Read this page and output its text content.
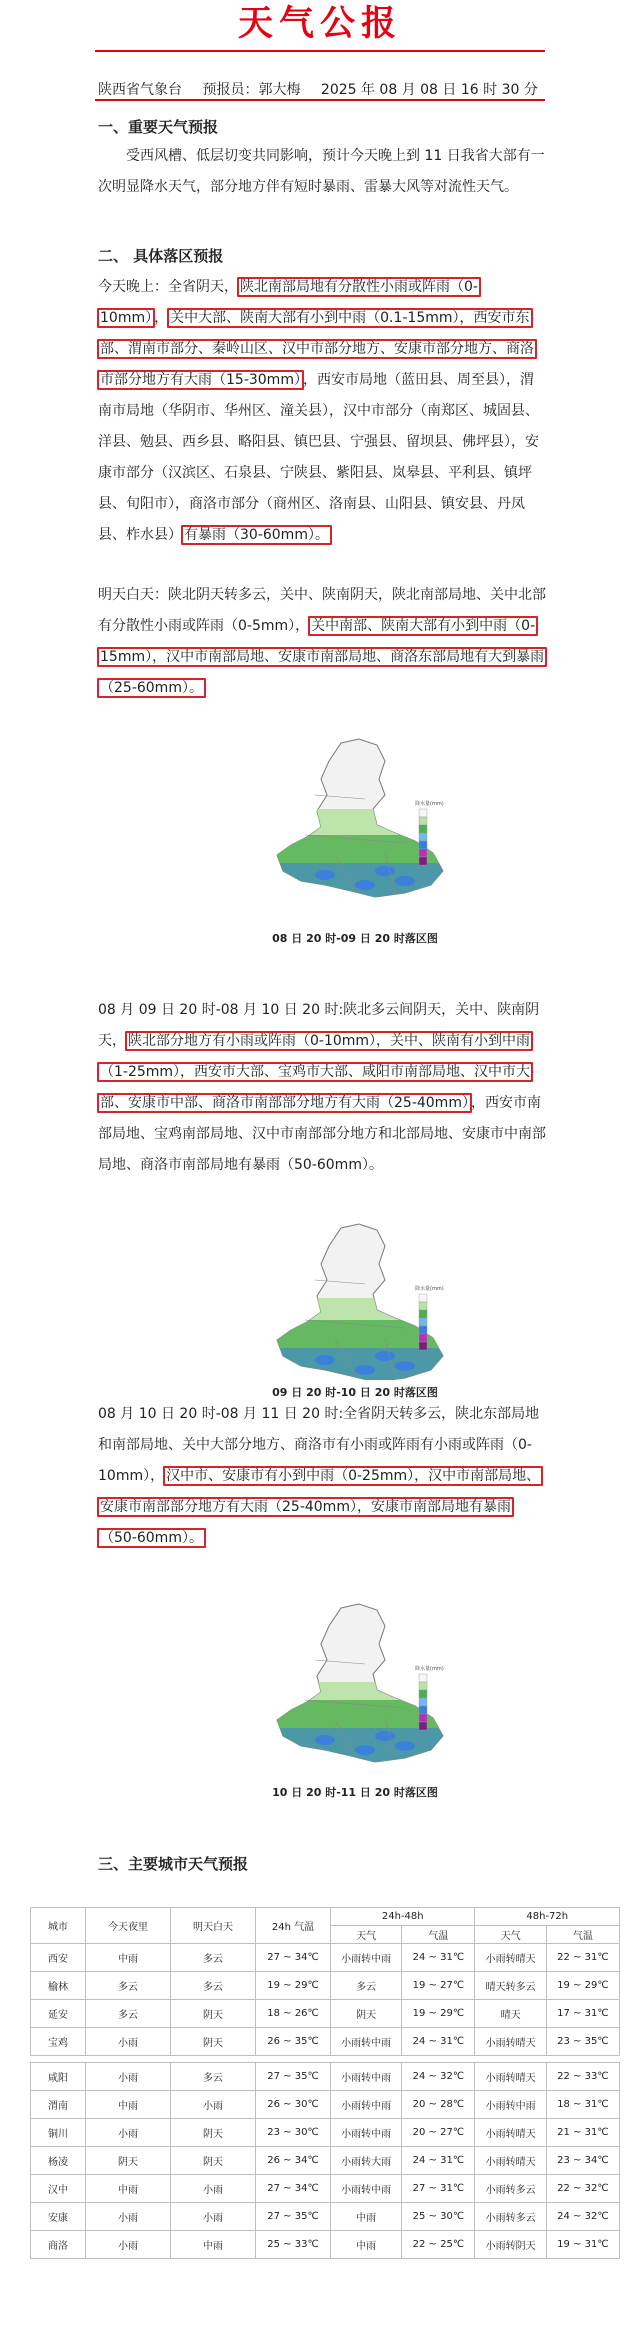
天气公报
陕西省气象台 预报员：郭大梅 2025 年 08 月 08 日 16 时 30 分
一、重要天气预报
受西风槽、低层切变共同影响，预计今天晚上到 11 日我省大部有一次明显降水天气，部分地方伴有短时暴雨、雷暴大风等对流性天气。
二、 具体落区预报
今天晚上：全省阴天， 陕北南部局地有分散性小雨或阵雨（0-10mm） ， 关中大部、陕南大部有小到中雨（0.1-15mm），西安市东部、渭南市部分、秦岭山区、汉中市部分地方、安康市部分地方、商洛市部分地方有大雨（15-30mm） ，西安市局地（蓝田县、周至县），渭南市局地（华阴市、华州区、潼关县），汉中市部分（南郑区、城固县、洋县、勉县、西乡县、略阳县、镇巴县、宁强县、留坝县、佛坪县），安康市部分（汉滨区、石泉县、宁陕县、紫阳县、岚皋县、平利县、镇坪县、旬阳市），商洛市部分（商州区、洛南县、山阳县、镇安县、丹凤县、柞水县） 有暴雨（30-60mm）。
明天白天：陕北阴天转多云，关中、陕南阴天，陕北南部局地、关中北部有分散性小雨或阵雨（0-5mm）， 关中南部、陕南大部有小到中雨（0-15mm），汉中市南部局地、安康市南部局地、商洛东部局地有大到暴雨（25-60mm）。
降水量(mm)
08 日 20 时-09 日 20 时落区图
08 月 09 日 20 时-08 月 10 日 20 时:陕北多云间阴天，关中、陕南阴天， 陕北部分地方有小雨或阵雨（0-10mm），关中、陕南有小到中雨（1-25mm），西安市大部、宝鸡市大部、咸阳市南部局地、汉中市大部、安康市中部、商洛市南部部分地方有大雨（25-40mm） ，西安市南部局地、宝鸡南部局地、汉中市南部部分地方和北部局地、安康市中南部局地、商洛市南部局地有暴雨（50-60mm）。
降水量(mm)
09 日 20 时-10 日 20 时落区图
08 月 10 日 20 时-08 月 11 日 20 时:全省阴天转多云，陕北东部局地和南部局地、关中大部分地方、商洛市有小雨或阵雨有小雨或阵雨（0-10mm）， 汉中市、安康市有小到中雨（0-25mm），汉中市南部局地、安康市南部部分地方有大雨（25-40mm），安康市南部局地有暴雨（50-60mm）。
降水量(mm)
10 日 20 时-11 日 20 时落区图
三、主要城市天气预报
城市	今天夜里	明天白天	24h 气温	24h-48h		48h-72h	
				天气	气温	天气	气温
西安	中雨	多云	27 ~ 34℃	小雨转中雨	24 ~ 31℃	小雨转晴天	22 ~ 31℃
榆林	多云	多云	19 ~ 29℃	多云	19 ~ 27℃	晴天转多云	19 ~ 29℃
延安	多云	阴天	18 ~ 26℃	阴天	19 ~ 29℃	晴天	17 ~ 31℃
宝鸡	小雨	阴天	26 ~ 35℃	小雨转中雨	24 ~ 31℃	小雨转晴天	23 ~ 35℃

咸阳	小雨	多云	27 ~ 35℃	小雨转中雨	24 ~ 32℃	小雨转晴天	22 ~ 33℃
渭南	中雨	小雨	26 ~ 30℃	小雨转中雨	20 ~ 28℃	小雨转中雨	18 ~ 31℃
铜川	小雨	阴天	23 ~ 30℃	小雨转中雨	20 ~ 27℃	小雨转晴天	21 ~ 31℃
杨凌	阴天	阴天	26 ~ 34℃	小雨转大雨	24 ~ 31℃	小雨转晴天	23 ~ 34℃
汉中	中雨	小雨	27 ~ 34℃	小雨转中雨	27 ~ 31℃	小雨转多云	22 ~ 32℃
安康	小雨	小雨	27 ~ 35℃	中雨	25 ~ 30℃	小雨转多云	24 ~ 32℃
商洛	小雨	中雨	25 ~ 33℃	中雨	22 ~ 25℃	小雨转阴天	19 ~ 31℃
